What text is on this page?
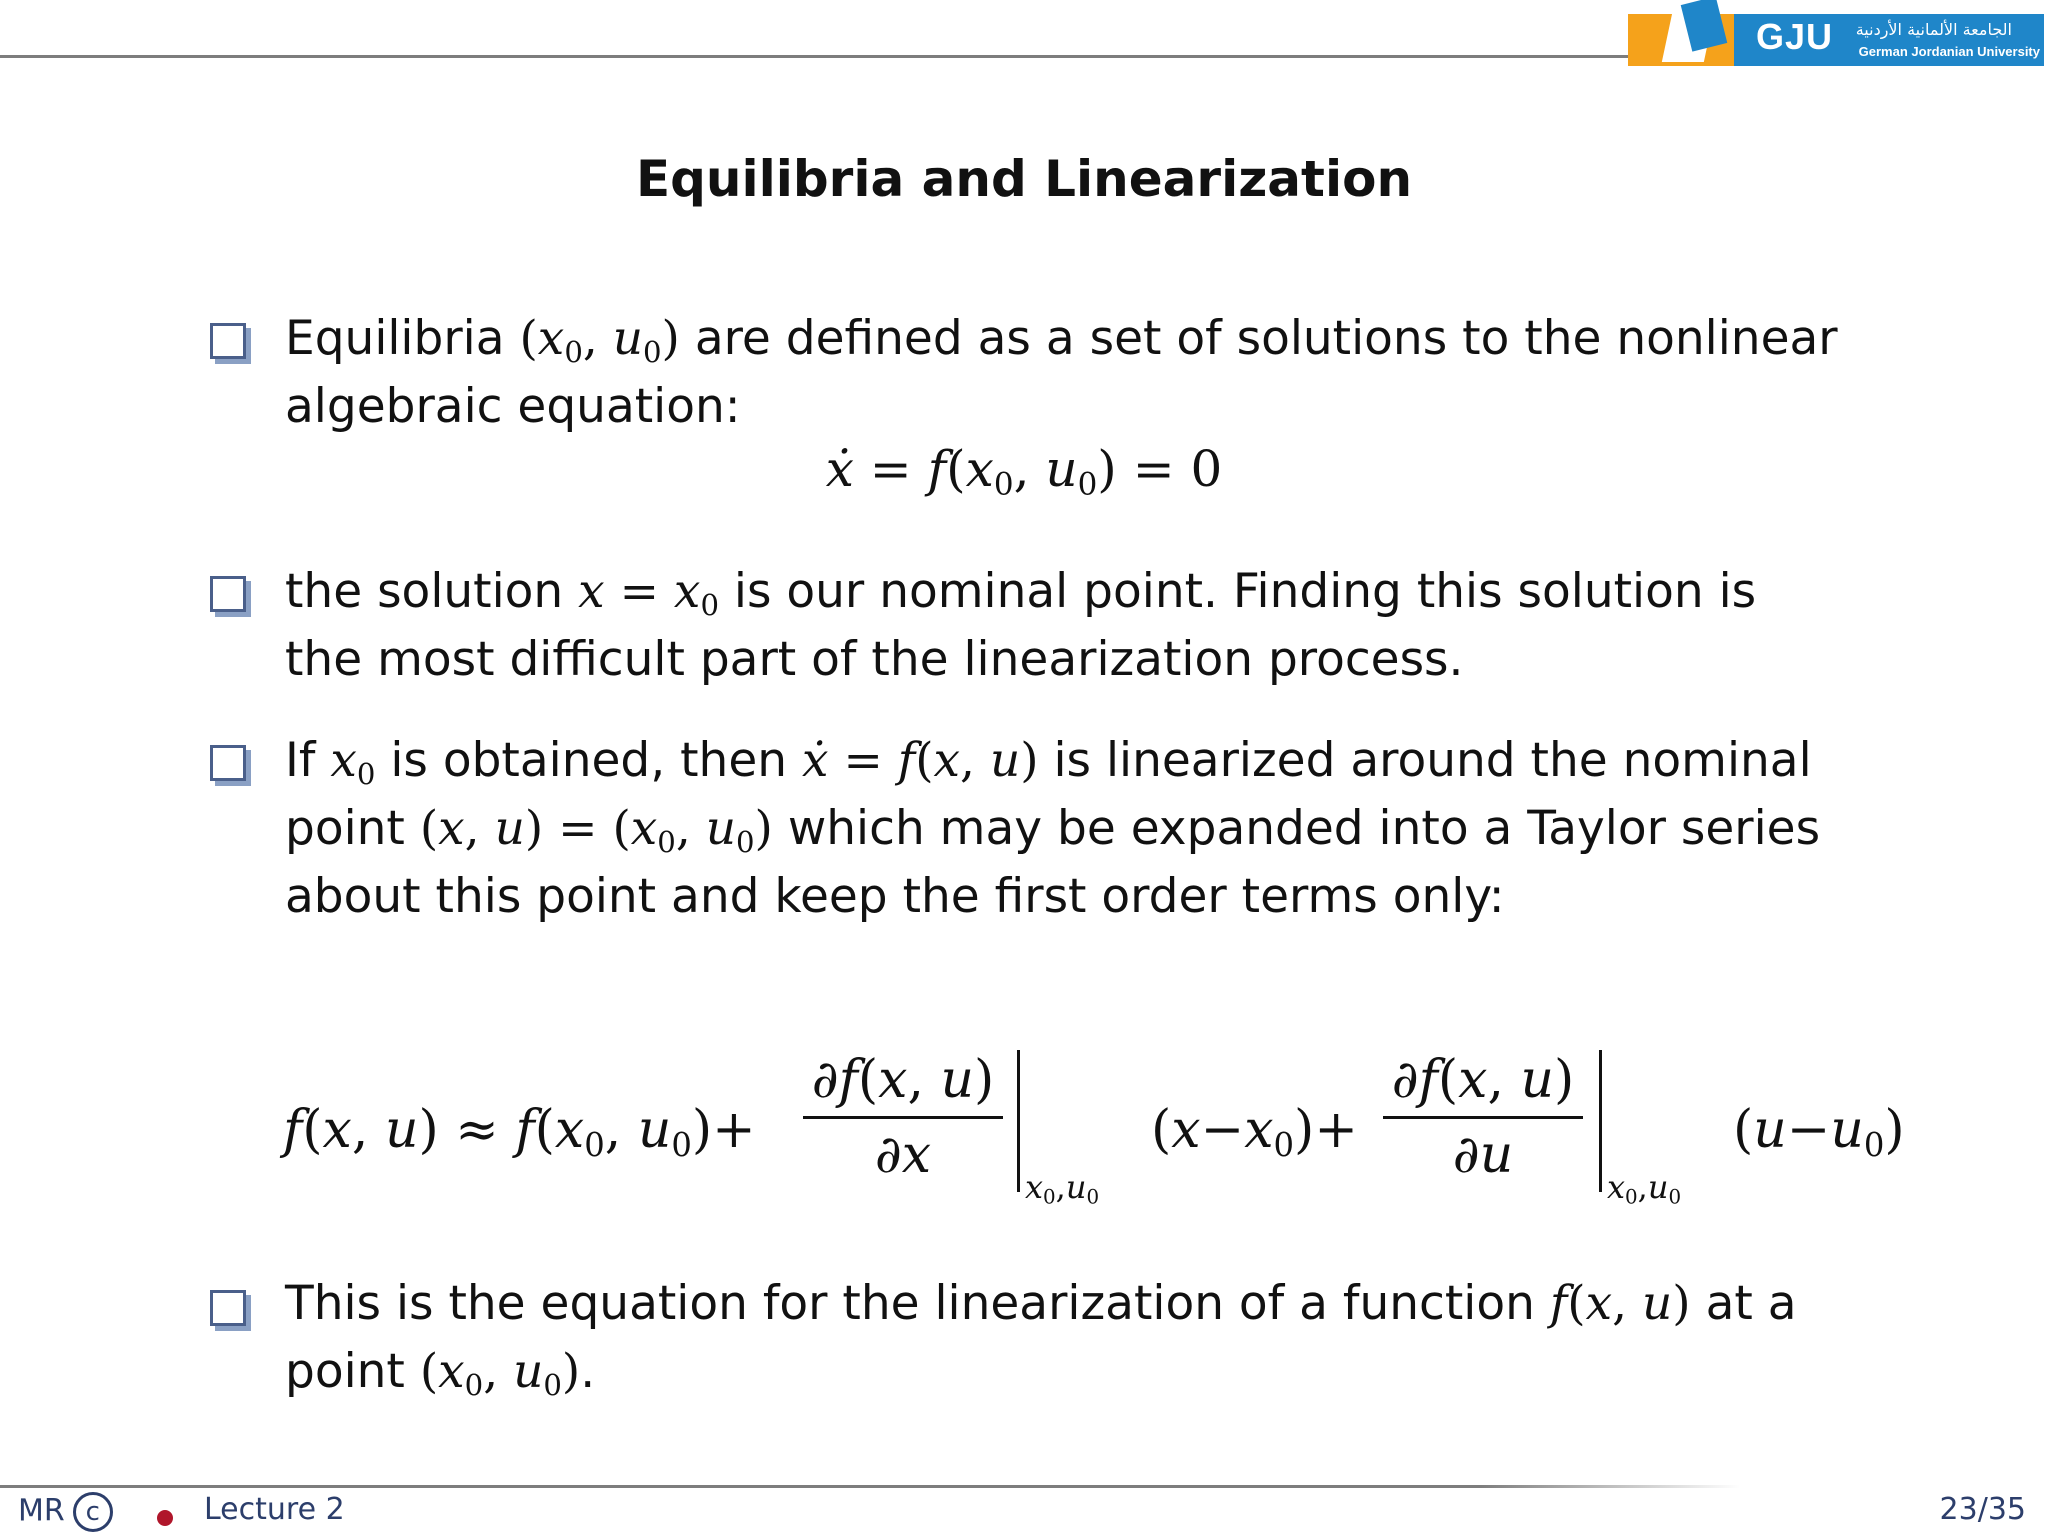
GJU الجامعة الألمانية الأردنية
German Jordanian University
Equilibria and Linearization
Equilibria ($x_0$, $u_0$) are defined as a set of solutions to the nonlinear
algebraic equation:
ẋ = $f(x_0$, $u_0) = 0$
the solution $x = x_0$ is our nominal point. Finding this solution is
the most difficult part of the linearization process.
If $x_0$ is obtained, then ẋ = f(x, u) is linearized around the nominal
point (x, $u) = (x_0$, $u_0$) which may be expanded into a Taylor series
about this point and keep the first order terms only:
f(x, $u) \approx f(x_0$, $u_0)+$
∂f(x, u)
∂x
$x_0,u_0$
$(x-x_0)+$
∂f(x, u)
∂u
$x_0,u_0$
$(u-u_0)$
This is the equation for the linearization of a function f(x, u) at a
point ($x_0$, $u_0$).
MR c	Lecture 2	23/35
